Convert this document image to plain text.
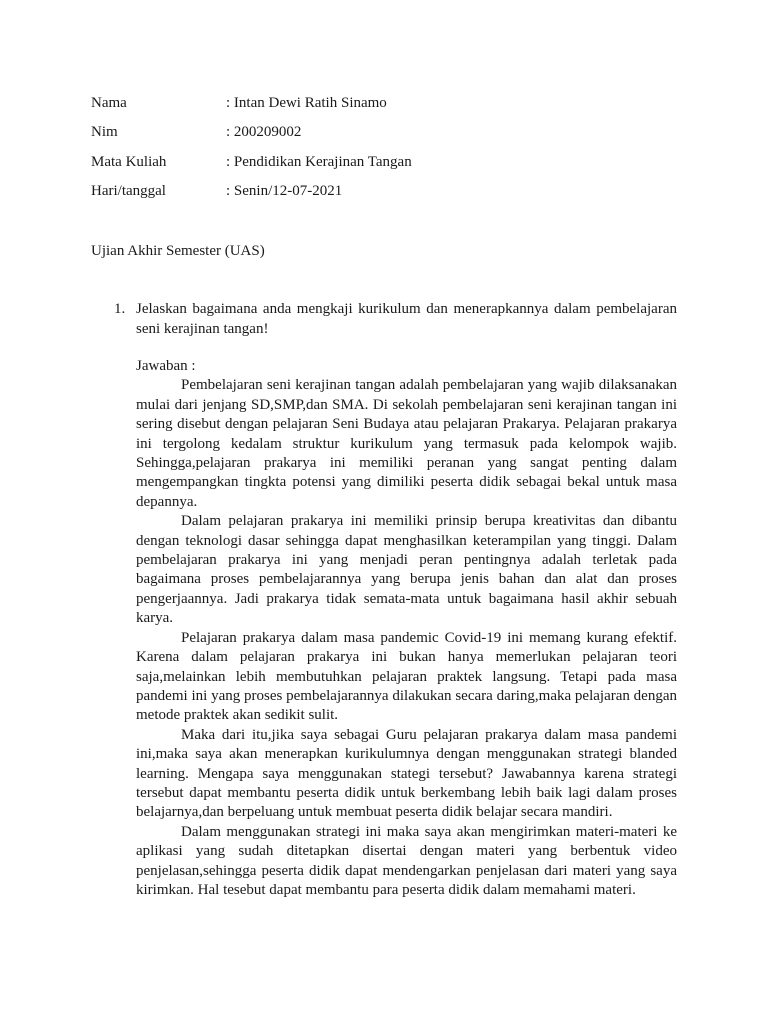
Nama	: Intan Dewi Ratih Sinamo
Nim	: 200209002
Mata Kuliah	: Pendidikan Kerajinan Tangan
Hari/tanggal	: Senin/12-07-2021
Ujian Akhir Semester (UAS)
1. Jelaskan bagaimana anda mengkaji kurikulum dan menerapkannya dalam pembelajaran seni kerajinan tangan!

Jawaban :

Pembelajaran seni kerajinan tangan adalah pembelajaran yang wajib dilaksanakan mulai dari jenjang SD,SMP,dan SMA. Di sekolah pembelajaran seni kerajinan tangan ini sering disebut dengan pelajaran Seni Budaya atau pelajaran Prakarya. Pelajaran prakarya ini tergolong kedalam struktur kurikulum yang termasuk pada kelompok wajib. Sehingga,pelajaran prakarya ini memiliki peranan yang sangat penting dalam mengempangkan tingkta potensi yang dimiliki peserta didik sebagai bekal untuk masa depannya.

Dalam pelajaran prakarya ini memiliki prinsip berupa kreativitas dan dibantu dengan teknologi dasar sehingga dapat menghasilkan keterampilan yang tinggi. Dalam pembelajaran prakarya ini yang menjadi peran pentingnya adalah terletak pada bagaimana proses pembelajarannya yang berupa jenis bahan dan alat dan proses pengerjaannya. Jadi prakarya tidak semata-mata untuk bagaimana hasil akhir sebuah karya.

Pelajaran prakarya dalam masa pandemic Covid-19 ini memang kurang efektif. Karena dalam pelajaran prakarya ini bukan hanya memerlukan pelajaran teori saja,melainkan lebih membutuhkan pelajaran praktek langsung. Tetapi pada masa pandemi ini yang proses pembelajarannya dilakukan secara daring,maka pelajaran dengan metode praktek akan sedikit sulit.

Maka dari itu,jika saya sebagai Guru pelajaran prakarya dalam masa pandemi ini,maka saya akan menerapkan kurikulumnya dengan menggunakan strategi blanded learning. Mengapa saya menggunakan stategi tersebut? Jawabannya karena strategi tersebut dapat membantu peserta didik untuk berkembang lebih baik lagi dalam proses belajarnya,dan berpeluang untuk membuat peserta didik belajar secara mandiri.

Dalam menggunakan strategi ini maka saya akan mengirimkan materi-materi ke aplikasi yang sudah ditetapkan disertai dengan materi yang berbentuk video penjelasan,sehingga peserta didik dapat mendengarkan penjelasan dari materi yang saya kirimkan. Hal tesebut dapat membantu para peserta didik dalam memahami materi.
